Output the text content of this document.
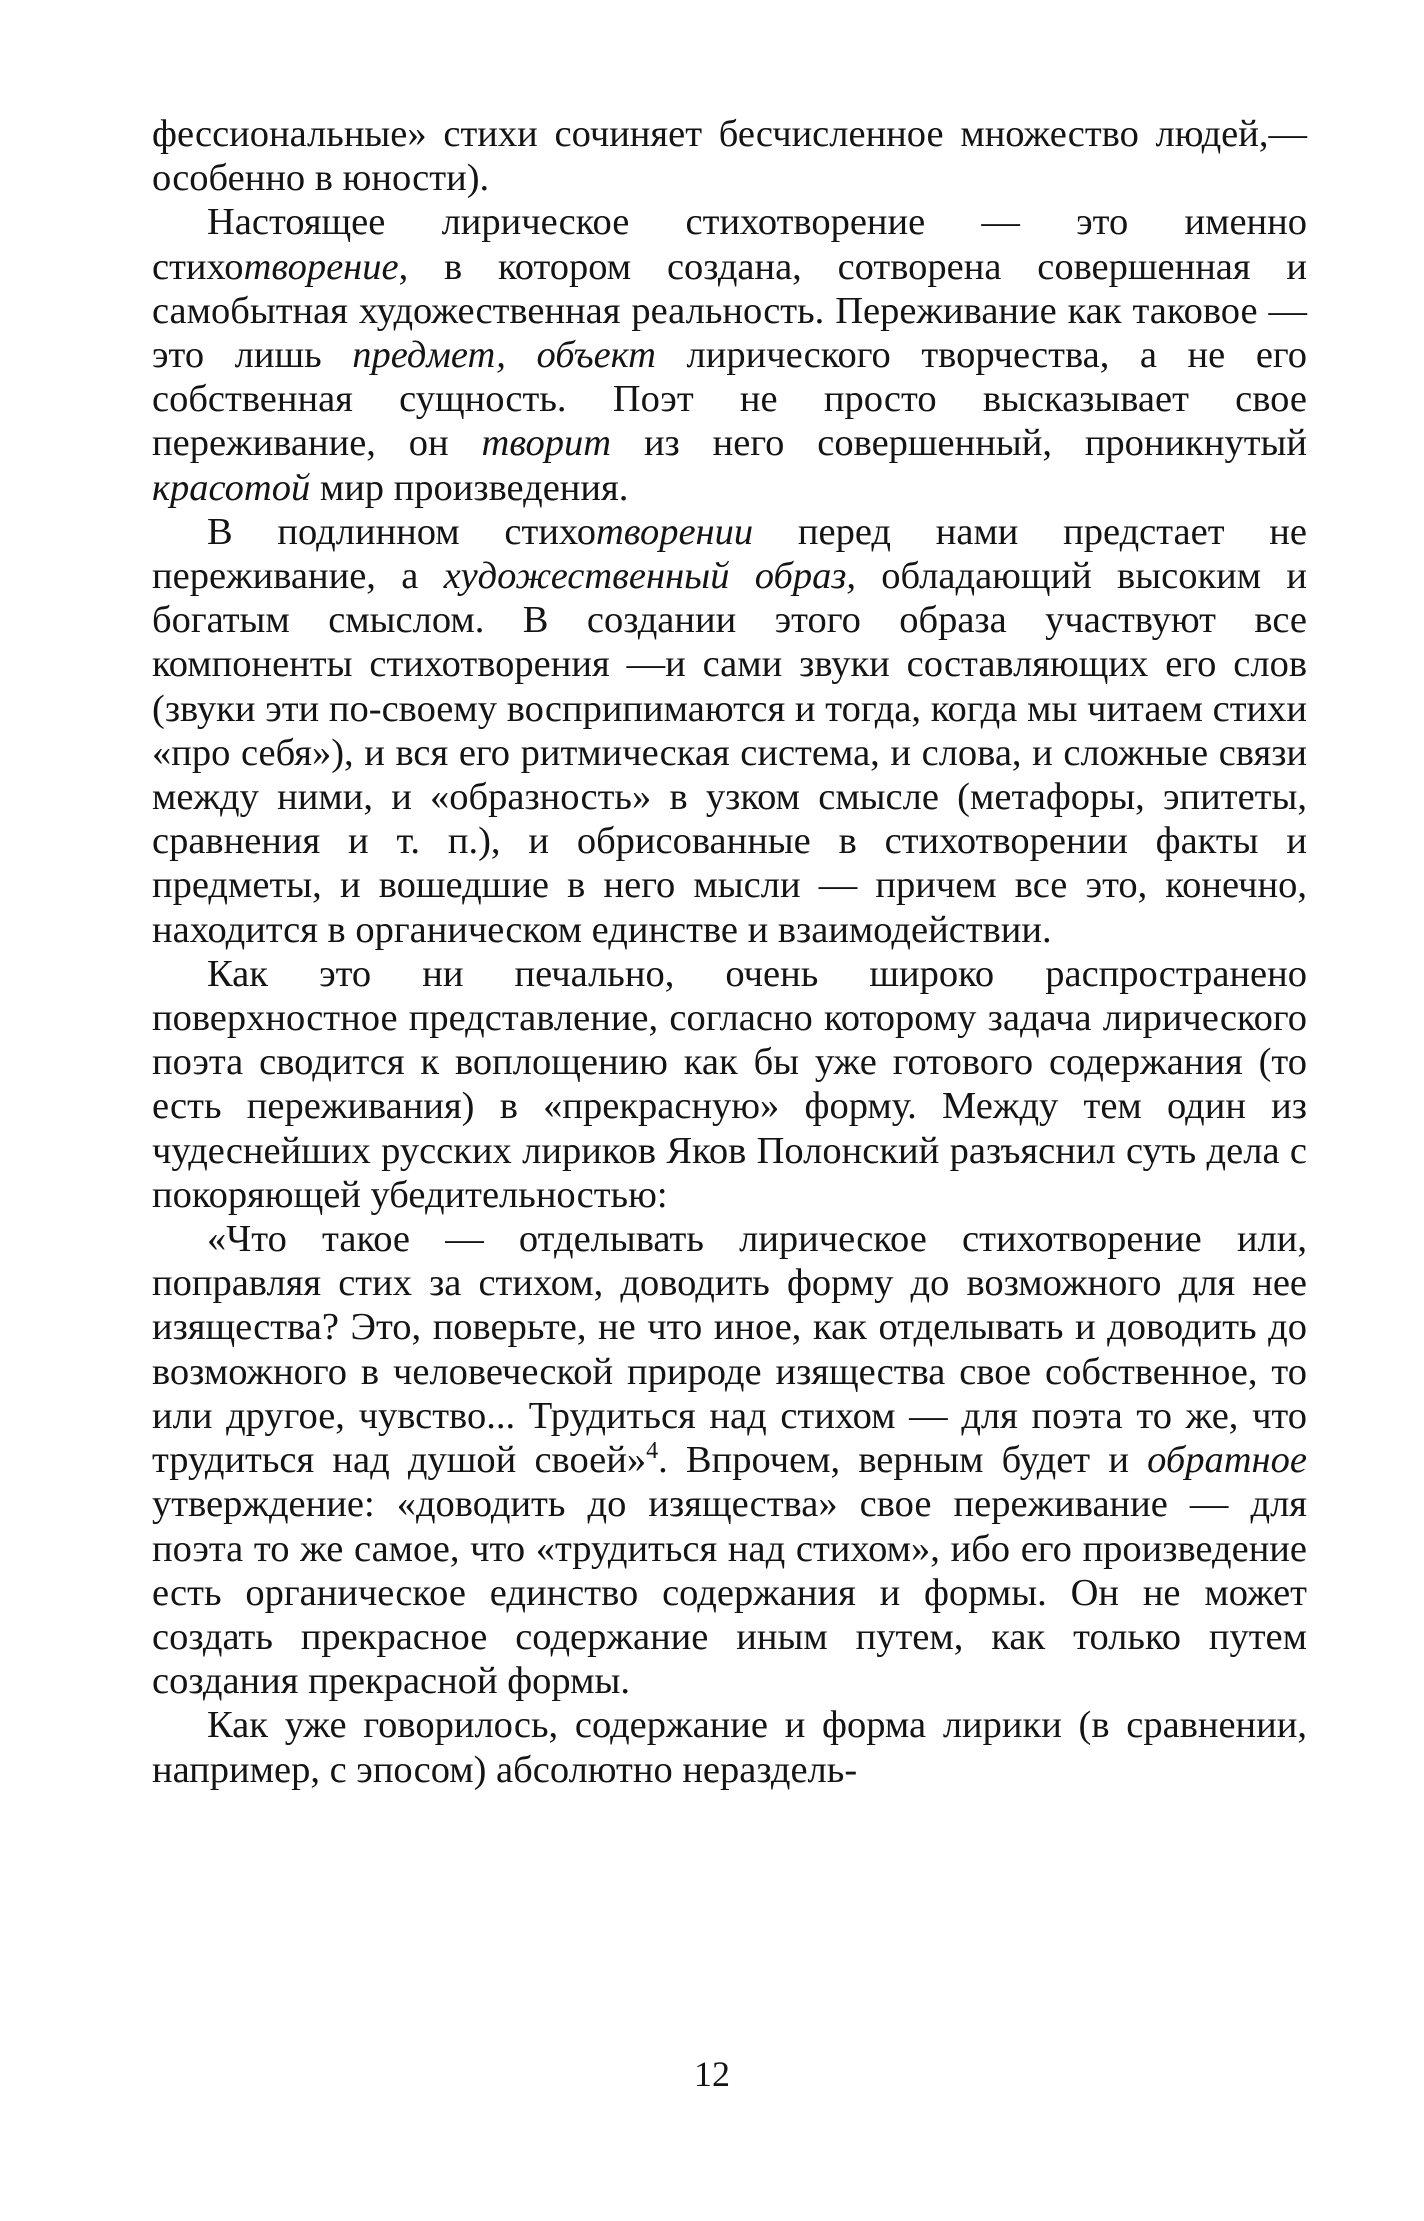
фессиональные» стихи сочиняет бесчисленное множество людей,— особенно в юности).

Настоящее лирическое стихотворение — это именно стихотворение, в котором создана, сотворена совершенная и самобытная художественная реальность. Переживание как таковое — это лишь предмет, объект лирического творчества, а не его собственная сущность. Поэт не просто высказывает свое переживание, он творит из него совершенный, проникнутый красотой мир произведения.

В подлинном стихотворении перед нами предстает не переживание, а художественный образ, обладающий высоким и богатым смыслом. В создании этого образа участвуют все компоненты стихотворения —и сами звуки составляющих его слов (звуки эти по-своему восприпимаются и тогда, когда мы читаем стихи «про себя»), и вся его ритмическая система, и слова, и сложные связи между ними, и «образность» в узком смысле (метафоры, эпитеты, сравнения и т. п.), и обрисованные в стихотворении факты и предметы, и вошедшие в него мысли — причем все это, конечно, находится в органическом единстве и взаимодействии.

Как это ни печально, очень широко распространено поверхностное представление, согласно которому задача лирического поэта сводится к воплощению как бы уже готового содержания (то есть переживания) в «прекрасную» форму. Между тем один из чудеснейших русских лириков Яков Полонский разъяснил суть дела с покоряющей убедительностью:

«Что такое — отделывать лирическое стихотворение или, поправляя стих за стихом, доводить форму до возможного для нее изящества? Это, поверьте, не что иное, как отделывать и доводить до возможного в человеческой природе изящества свое собственное, то или другое, чувство... Трудиться над стихом — для поэта то же, что трудиться над душой своей»$^4$. Впрочем, верным будет и обратное утверждение: «доводить до изящества» свое переживание — для поэта то же самое, что «трудиться над стихом», ибо его произведение есть органическое единство содержания и формы. Он не может создать прекрасное содержание иным путем, как только путем создания прекрасной формы.

Как уже говорилось, содержание и форма лирики (в сравнении, например, с эпосом) абсолютно нераздель-

12
